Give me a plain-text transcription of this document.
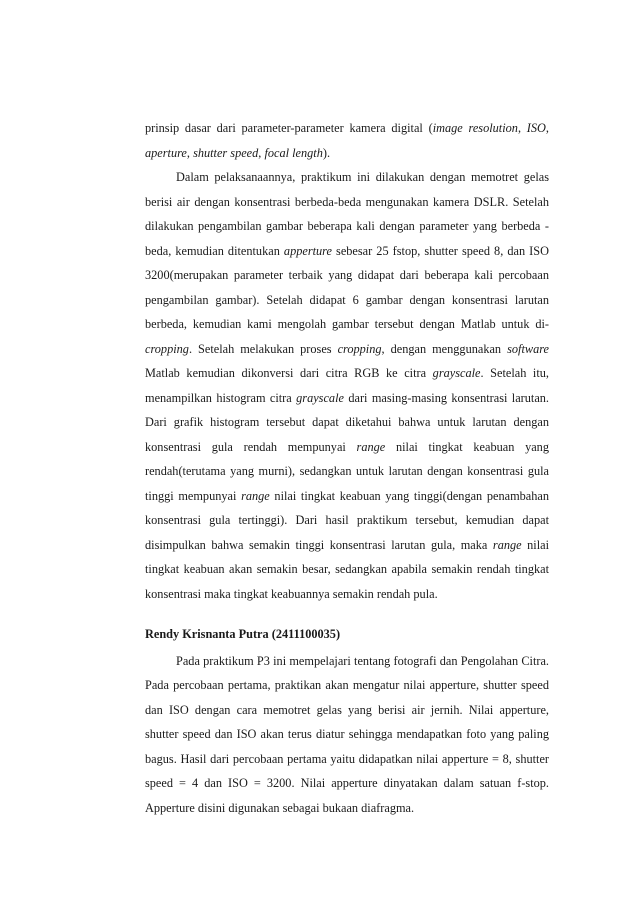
prinsip dasar dari parameter-parameter kamera digital (image resolution, ISO, aperture, shutter speed, focal length).

Dalam pelaksanaannya, praktikum ini dilakukan dengan memotret gelas berisi air dengan konsentrasi berbeda-beda mengunakan kamera DSLR. Setelah dilakukan pengambilan gambar beberapa kali dengan parameter yang berbeda - beda, kemudian ditentukan apperture sebesar 25 fstop, shutter speed 8, dan ISO 3200(merupakan parameter terbaik yang didapat dari beberapa kali percobaan pengambilan gambar). Setelah didapat 6 gambar dengan konsentrasi larutan berbeda, kemudian kami mengolah gambar tersebut dengan Matlab untuk di-cropping. Setelah melakukan proses cropping, dengan menggunakan software Matlab kemudian dikonversi dari citra RGB ke citra grayscale. Setelah itu, menampilkan histogram citra grayscale dari masing-masing konsentrasi larutan. Dari grafik histogram tersebut dapat diketahui bahwa untuk larutan dengan konsentrasi gula rendah mempunyai range nilai tingkat keabuan yang rendah(terutama yang murni), sedangkan untuk larutan dengan konsentrasi gula tinggi mempunyai range nilai tingkat keabuan yang tinggi(dengan penambahan konsentrasi gula tertinggi). Dari hasil praktikum tersebut, kemudian dapat disimpulkan bahwa semakin tinggi konsentrasi larutan gula, maka range nilai tingkat keabuan akan semakin besar, sedangkan apabila semakin rendah tingkat konsentrasi maka tingkat keabuannya semakin rendah pula.

Rendy Krisnanta Putra (2411100035)

Pada praktikum P3 ini mempelajari tentang fotografi dan Pengolahan Citra. Pada percobaan pertama, praktikan akan mengatur nilai apperture, shutter speed dan ISO dengan cara memotret gelas yang berisi air jernih. Nilai apperture, shutter speed dan ISO akan terus diatur sehingga mendapatkan foto yang paling bagus. Hasil dari percobaan pertama yaitu didapatkan nilai apperture = 8, shutter speed = 4 dan ISO = 3200. Nilai apperture dinyatakan dalam satuan f-stop. Apperture disini digunakan sebagai bukaan diafragma.
